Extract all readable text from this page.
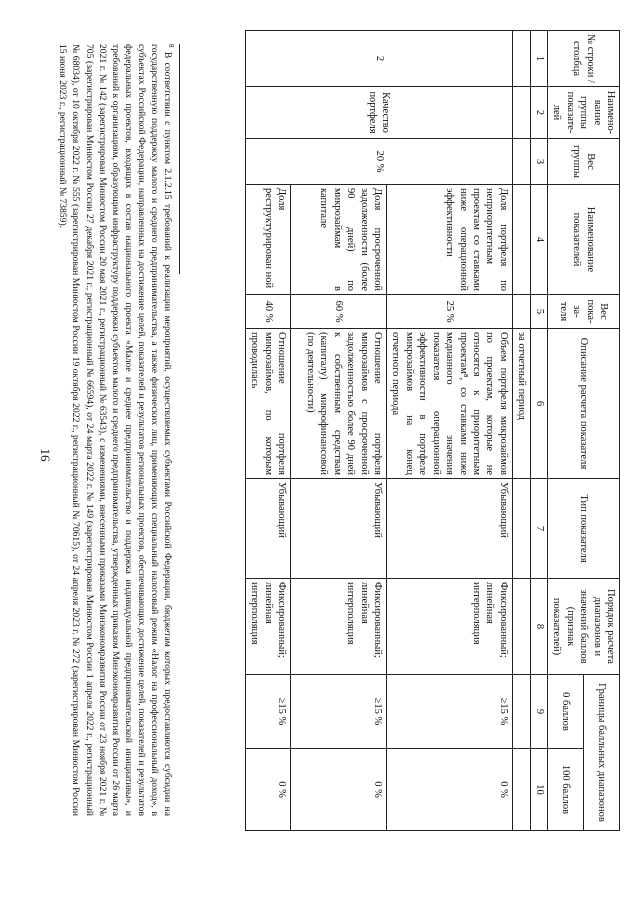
16
№ строки / столбца	Наимено-вание группы показате-лей	Вес группы	Наименование показателей	Вес пока-за-теля	Описание расчета показателя	Тип показателя	Порядок расчета диапазонов и значений баллов (признак показателей)	Границы балльных диапазонов	
								0 баллов	100 баллов
1	2	3	4	5	6	7	8	9	10
					за отчетный период				
2	Качество портфеля	20 %	Доля портфеля по неприоритетным проектам со ставками ниже операционной эффективности	25 %	Объем портфеля микрозаймов по проектам, которые не относятся к приоритетным проектам⁸, со ставками ниже медианного значения показателя операционной эффективности в портфеле микрозаймов на конец отчетного периода	Убывающий	Фиксированный; линейная интерполяция	≥15 %	0 %
			Доля просроченной задолженности (более 90 дней) по микрозаймам в капитале	60 %	Отношение портфеля микрозаймов с просроченной задолженностью более 90 дней к собственным средствам (капиталу) микрофинансовой (по деятельности)	Убывающий	Фиксированный; линейная интерполяция	≥15 %	0 %
			Доля реструктурирован ной	40 %	Отношение портфеля микрозаймов, по которым проводилась	Убывающий	Фиксированный; линейная интерполяция	≥15 %	0 %
$^8$ В соответствии с пунктом 2.1.2.15 требований к реализации мероприятий, осуществляемых субъектами Российской Федерации, бюджетам которых предоставляются субсидии на государственную поддержку малого и среднего предпринимательства, а также физических лиц, применяющих специальный налоговый режим «Налог на профессиональный доход», в субъектах Российской Федерации, направленных на достижение целей, показателей и результатов региональных проектов, обеспечивающих достижение целей, показателей и результатов федеральных проектов, входящих в состав национального проекта «Малое и среднее предпринимательство и поддержка индивидуальной предпринимательской инициативы», и требований к организациям, образующим инфраструктуру поддержки субъектов малого и среднего предпринимательства, утвержденных приказом Минэкономразвития России от 26 марта 2021 г. № 142 (зарегистрирован Минюстом России 20 мая 2021 г., регистрационный № 63543), с изменениями, внесенными приказами Минэкономразвития России от 23 ноября 2021 г. № 705 (зарегистрирован Минюстом России 27 декабря 2021 г., регистрационный № 66594), от 24 марта 2022 г. № 149 (зарегистрирован Минюстом России 1 апреля 2022 г., регистрационный № 68034), от 10 октября 2022 г. № 555 (зарегистрирован Минюстом России 19 октября 2022 г., регистрационный № 70615), от 24 апреля 2023 г. № 272 (зарегистрирован Минюстом России 15 июня 2023 г., регистрационный № 73859).
